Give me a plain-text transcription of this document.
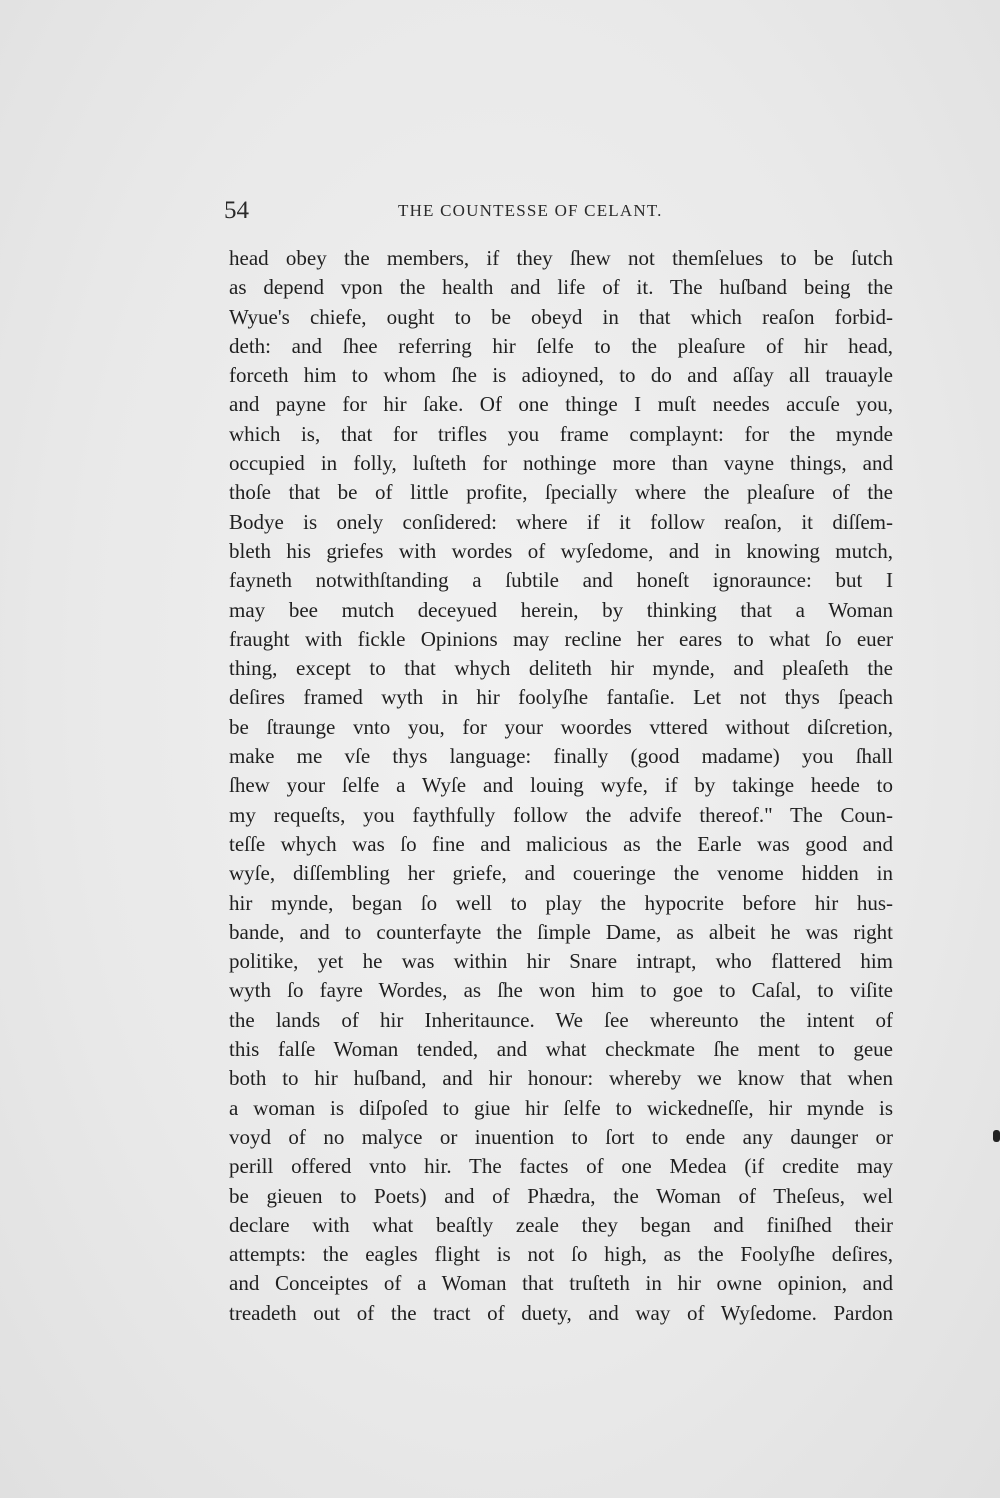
54	THE COUNTESSE OF CELANT.
head obey the members, if they ſhew not themſelues to be ſutch
as depend vpon the health and life of it. The huſband being the
Wyue's chiefe, ought to be obeyd in that which reaſon forbid-
deth: and ſhee referring hir ſelfe to the pleaſure of hir head,
forceth him to whom ſhe is adioyned, to do and aſſay all trauayle
and payne for hir ſake. Of one thinge I muſt needes accuſe you,
which is, that for trifles you frame complaynt: for the mynde
occupied in folly, luſteth for nothinge more than vayne things, and
thoſe that be of little profite, ſpecially where the pleaſure of the
Bodye is onely conſidered: where if it follow reaſon, it diſſem-
bleth his griefes with wordes of wyſedome, and in knowing mutch,
fayneth notwithſtanding a ſubtile and honeſt ignoraunce: but I
may bee mutch deceyued herein, by thinking that a Woman
fraught with fickle Opinions may recline her eares to what ſo euer
thing, except to that whych deliteth hir mynde, and pleaſeth the
deſires framed wyth in hir foolyſhe fantaſie. Let not thys ſpeach
be ſtraunge vnto you, for your woordes vttered without diſcretion,
make me vſe thys language: finally (good madame) you ſhall
ſhew your ſelfe a Wyſe and louing wyfe, if by takinge heede to
my requeſts, you faythfully follow the advife thereof." The Coun-
teſſe whych was ſo fine and malicious as the Earle was good and
wyſe, diſſembling her griefe, and coueringe the venome hidden in
hir mynde, began ſo well to play the hypocrite before hir hus-
bande, and to counterfayte the ſimple Dame, as albeit he was right
politike, yet he was within hir Snare intrapt, who flattered him
wyth ſo fayre Wordes, as ſhe won him to goe to Caſal, to viſite
the lands of hir Inheritaunce. We ſee whereunto the intent of
this falſe Woman tended, and what checkmate ſhe ment to geue
both to hir huſband, and hir honour: whereby we know that when
a woman is diſpoſed to giue hir ſelfe to wickedneſſe, hir mynde is
voyd of no malyce or inuention to ſort to ende any daunger or
perill offered vnto hir. The factes of one Medea (if credite may
be gieuen to Poets) and of Phædra, the Woman of Theſeus, wel
declare with what beaſtly zeale they began and finiſhed their
attempts: the eagles flight is not ſo high, as the Foolyſhe deſires,
and Conceiptes of a Woman that truſteth in hir owne opinion, and
treadeth out of the tract of duety, and way of Wyſedome. Pardon
